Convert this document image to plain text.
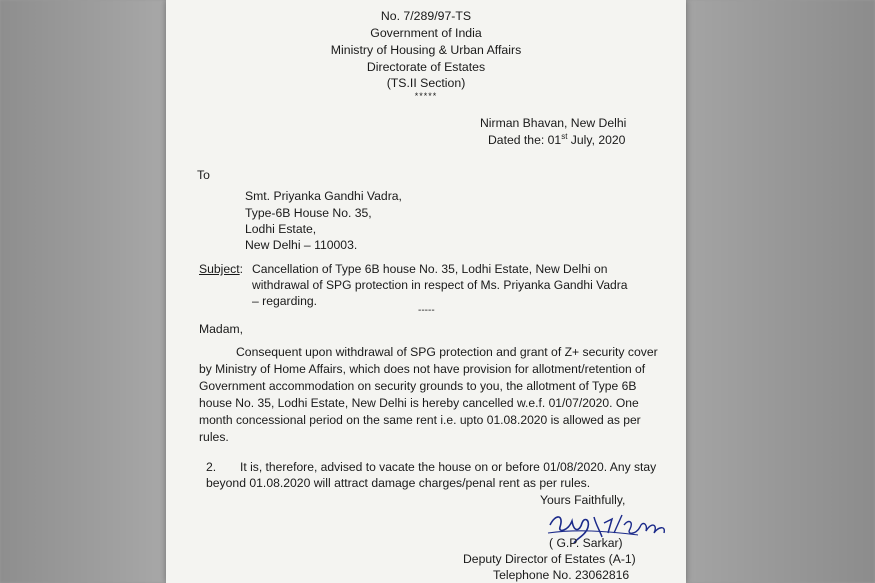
No. 7/289/97-TS
Government of India
Ministry of Housing & Urban Affairs
Directorate of Estates
(TS.II Section)
*****
Nirman Bhavan, New Delhi
Dated the: 01st July, 2020
To
Smt. Priyanka Gandhi Vadra,
Type-6B House No. 35,
Lodhi Estate,
New Delhi – 110003.
Subject: Cancellation of Type 6B house No. 35, Lodhi Estate, New Delhi on
withdrawal of SPG protection in respect of Ms. Priyanka Gandhi Vadra
– regarding.
-----
Madam,
Consequent upon withdrawal of SPG protection and grant of Z+ security cover
by Ministry of Home Affairs, which does not have provision for allotment/retention of
Government accommodation on security grounds to you, the allotment of Type 6B
house No. 35, Lodhi Estate, New Delhi is hereby cancelled w.e.f. 01/07/2020. One
month concessional period on the same rent i.e. upto 01.08.2020 is allowed as per
rules.
2. It is, therefore, advised to vacate the house on or before 01/08/2020. Any stay
beyond 01.08.2020 will attract damage charges/penal rent as per rules.
Yours Faithfully,
( G.P. Sarkar)
Deputy Director of Estates (A-1)
Telephone No. 23062816
